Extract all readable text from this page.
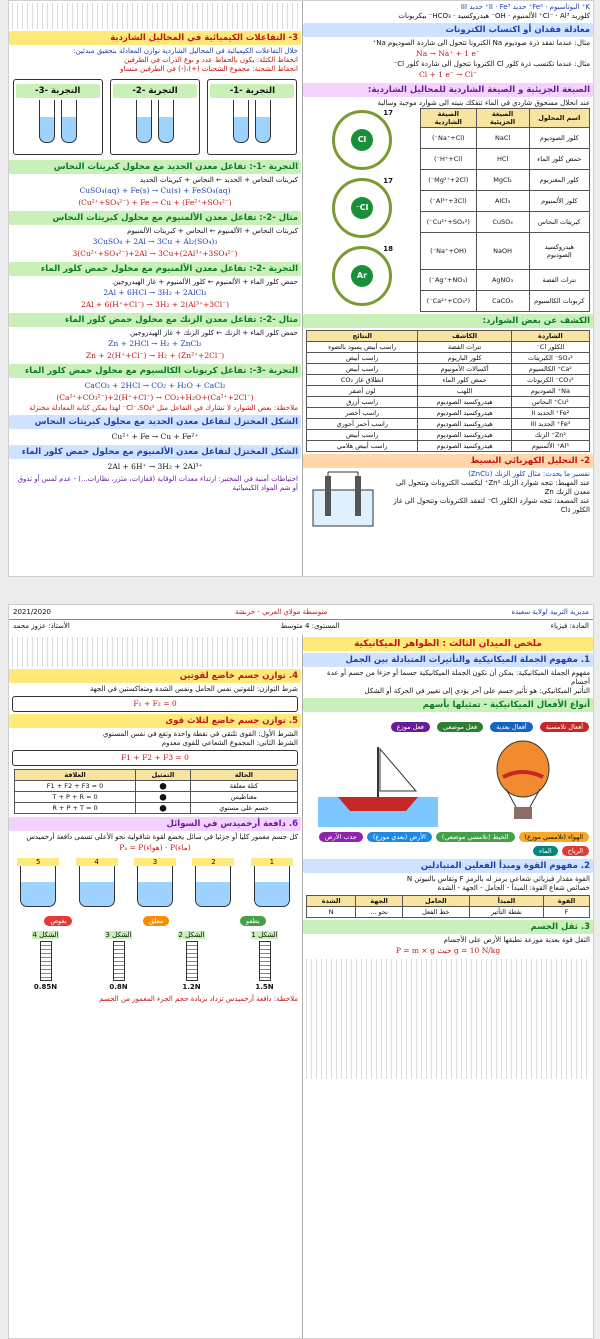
K⁺ البوتاسيوم · Fe²⁺ حديد II · Fe³⁺ حديد III
كلوريد Cl⁻ · Al³⁺ الألمنيوم · OH⁻ هيدروكسيد · HCO₃⁻ بيكربونات
معادلة فقدان أو اكتساب الكترونات
مثال: عندما تفقد ذرة صوديوم Na الكترونا تتحول الى شاردة الصوديوم Na⁺
Na → Na⁺ + 1 e⁻
مثال: عندما تكتسب ذرة كلور Cl الكترونا تتحول الى شاردة كلور Cl⁻
Cl + 1 e⁻ → Cl⁻
الصيغة الجزيئية و الصيغة الشاردية للمحاليل الشاردية:
عند انحلال مسحوق شاردي في الماء تتفكك بنيته الى شوارد موجبة وسالبة
اسم المحلول	الصيغة الجزيئية	الصيغة الشاردية
كلور الصوديوم	NaCl	(Na⁺+Cl⁻)
حمض كلور الماء	HCl	(H⁺+Cl⁻)
كلور المغنزيوم	MgCl₂	(Mg²⁺+2Cl⁻)
كلور الألمنيوم	AlCl₃	(Al³⁺+3Cl⁻)
كبريتات النحاس	CuSO₄	(Cu²⁺+SO₄²⁻)
هيدروكسيد الصوديوم	NaOH	(Na⁺+OH⁻)
نترات الفضة	AgNO₃	(Ag⁺+NO₃⁻)
كربونات الكالسيوم	CaCO₃	(Ca²⁺+CO₃²⁻)
17
Cl

17
Cl⁻

18
Ar
الكشف عن بعض الشوارد:
الشاردة	الكاشف	النتائج
الكلور Cl⁻	نترات الفضة	راسب أبيض يسود بالضوء
SO₄²⁻ الكبريتات	كلور الباريوم	راسب أبيض
Ca²⁺ الكالسيوم	أكسالات الأمونيوم	راسب أبيض
CO₃²⁻ الكربونات	حمض كلور الماء	انطلاق غاز CO₂
Na⁺ الصوديوم	اللهب	لون أصفر
Cu²⁺ النحاس	هيدروكسيد الصوديوم	راسب أزرق
Fe²⁺ الحديد II	هيدروكسيد الصوديوم	راسب أخضر
Fe³⁺ الحديد III	هيدروكسيد الصوديوم	راسب أحمر آجوري
Zn²⁺ الزنك	هيدروكسيد الصوديوم	راسب أبيض
Al³⁺ الألمنيوم	هيدروكسيد الصوديوم	راسب أبيض هلامي
2- التحليل الكهربائي البسيط
تفسير ما يحدث: مثال كلور الزنك (ZnCl₂)
عند المهبط: تتجه شوارد الزنك Zn²⁺ لتكسب الكترونات وتتحول الى معدن الزنك Zn
عند المصعد: تتجه شوارد الكلور Cl⁻ لتفقد الكترونات وتتحول الى غاز الكلور Cl₂
3- التفاعلات الكيميائية في المحاليل الشاردية
خلال التفاعلات الكيميائية في المحاليل الشاردية توازن المعادلة بتحقيق مبدئين:
انحفاظ الكتلة: يكون بالحفاظ عدد و نوع الذرات في الطرفين
انحفاظ الشحنة: مجموع الشحنات (+)،(-) في الطرفين متساو
التجربة -1-
التجربة -2-
التجربة -3-
التجربة -1-: تفاعل معدن الحديد مع محلول كبريتات النحاس
كبريتات النحاس + الحديد ← النحاس + كبريتات الحديد
CuSO₄(aq) + Fe(s) → Cu(s) + FeSO₄(aq)
(Cu²⁺+SO₄²⁻) + Fe → Cu + (Fe²⁺+SO₄²⁻)
مثال -2-: تفاعل معدن الألمنيوم مع محلول كبريتات النحاس
كبريتات النحاس + الألمنيوم ← النحاس + كبريتات الألمنيوم
3CuSO₄ + 2Al → 3Cu + Al₂(SO₄)₃
3(Cu²⁺+SO₄²⁻)+2Al → 3Cu+(2Al³⁺+3SO₄²⁻)
التجربة -2-: تفاعل معدن الألمنيوم مع محلول حمض كلور الماء
حمض كلور الماء + الألمنيوم ← كلور الألمنيوم + غاز الهيدروجين
2Al + 6HCl → 3H₂ + 2AlCl₃
2Al + 6(H⁺+Cl⁻) → 3H₂ + 2(Al³⁺+3Cl⁻)
مثال -2-: تفاعل معدن الزنك مع محلول حمض كلور الماء
حمض كلور الماء + الزنك ← كلور الزنك + غاز الهيدروجين
Zn + 2HCl → H₂ + ZnCl₂
Zn + 2(H⁺+Cl⁻) → H₂ + (Zn²⁺+2Cl⁻)
التجربة -3-: تفاعل كربونات الكالسيوم مع محلول حمض كلور الماء
CaCO₃ + 2HCl → CO₂ + H₂O + CaCl₂
(Ca²⁺+CO₃²⁻)+2(H⁺+Cl⁻) → CO₂+H₂O+(Ca²⁺+2Cl⁻)
ملاحظة: بعض الشوارد لا تشارك في التفاعل مثل Cl⁻،SO₄²⁻ لهذا يمكن كتابة المعادلة مختزلة
الشكل المختزل لتفاعل معدن الحديد مع محلول كبريتات النحاس
Cu²⁺ + Fe → Cu + Fe²⁺
الشكل المختزل لتفاعل معدن الألمنيوم مع محلول حمض كلور الماء
2Al + 6H⁺ → 3H₂ + 2Al³⁺
احتياطات أمنية في المختبر: ارتداء معدات الوقاية (قفازات، مئزر، نظارات...) - عدم لمس أو تذوق أو شم المواد الكيميائية
مديرية التربية لولاية سعيدة
متوسطة مولاي العربي - خربشة
2021/2020
المادة: فيزياء
المستوى: 4 متوسط
الأستاذ: عزوز محمد
ملخص الميدان الثالث : الظواهر الميكانيكية
1. مفهوم الجملة الميكانيكية والتأثيرات المتبادلة بين الجمل
مفهوم الجملة الميكانيكية: يمكن أن تكون الجملة الميكانيكية جسما أو جزءا من جسم أو عدة أجسام
التأثير الميكانيكي: هو تأثير جسم على آخر يؤدي إلى تغيير في الحركة أو الشكل
أنواع الأفعال الميكانيكية - تمثيلها بأسهم
أفعال تلامسية أفعال بعدية فعل موضعي فعل موزع
الهواء (تلامسي موزع)
الخيط (تلامسي موضعي)
الأرض (بعدي موزع)
جذب الأرض
الرياح
الماء
2. مفهوم القوة ومبدأ الفعلين المتبادلين
القوة مقدار فيزيائي شعاعي يرمز له بالرمز F وتقاس بالنيوتن N
خصائص شعاع القوة: المبدأ - الحامل - الجهة - الشدة
القوة	المبدأ	الحامل	الجهة	الشدة
F	نقطة التأثير	خط الفعل	نحو ...	N
3. ثقل الجسم
الثقل قوة بعدية موزعة تطبقها الأرض على الأجسام
P = m × g حيث g = 10 N/kg
4. توازن جسم خاضع لقوتين
شرط التوازن: للقوتين نفس الحامل ونفس الشدة ومتعاكستين في الجهة
F₁ + F₂ = 0
5. توازن جسم خاضع لثلاث قوى
الشرط الأول: القوى تلتقي في نقطة واحدة وتقع في نفس المستوي
الشرط الثاني: المجموع الشعاعي للقوى معدوم
F1 + F2 + F3 = 0
الحالة	التمثيل	العلاقة
كتلة معلقة	⬤	F1 + F2 + F3 = 0
مغناطيس	⬤	T + P + R = 0
جسم على مستوي	⬤	R + P + T = 0
6. دافعة أرخميدس في السوائل
كل جسم مغمور كليا أو جزئيا في سائل يخضع لقوة شاقولية نحو الأعلى تسمى دافعة أرخميدس
Pₐ = P(هواء) - P(ماء)
1
2
3
4
5
يطفو
معلق
يغوص
الشكل 1
1.5N
الشكل 2
1.2N
الشكل 3
0.8N
الشكل 4
0.85N
ملاحظة: دافعة أرخميدس تزداد بزيادة حجم الجزء المغمور من الجسم
